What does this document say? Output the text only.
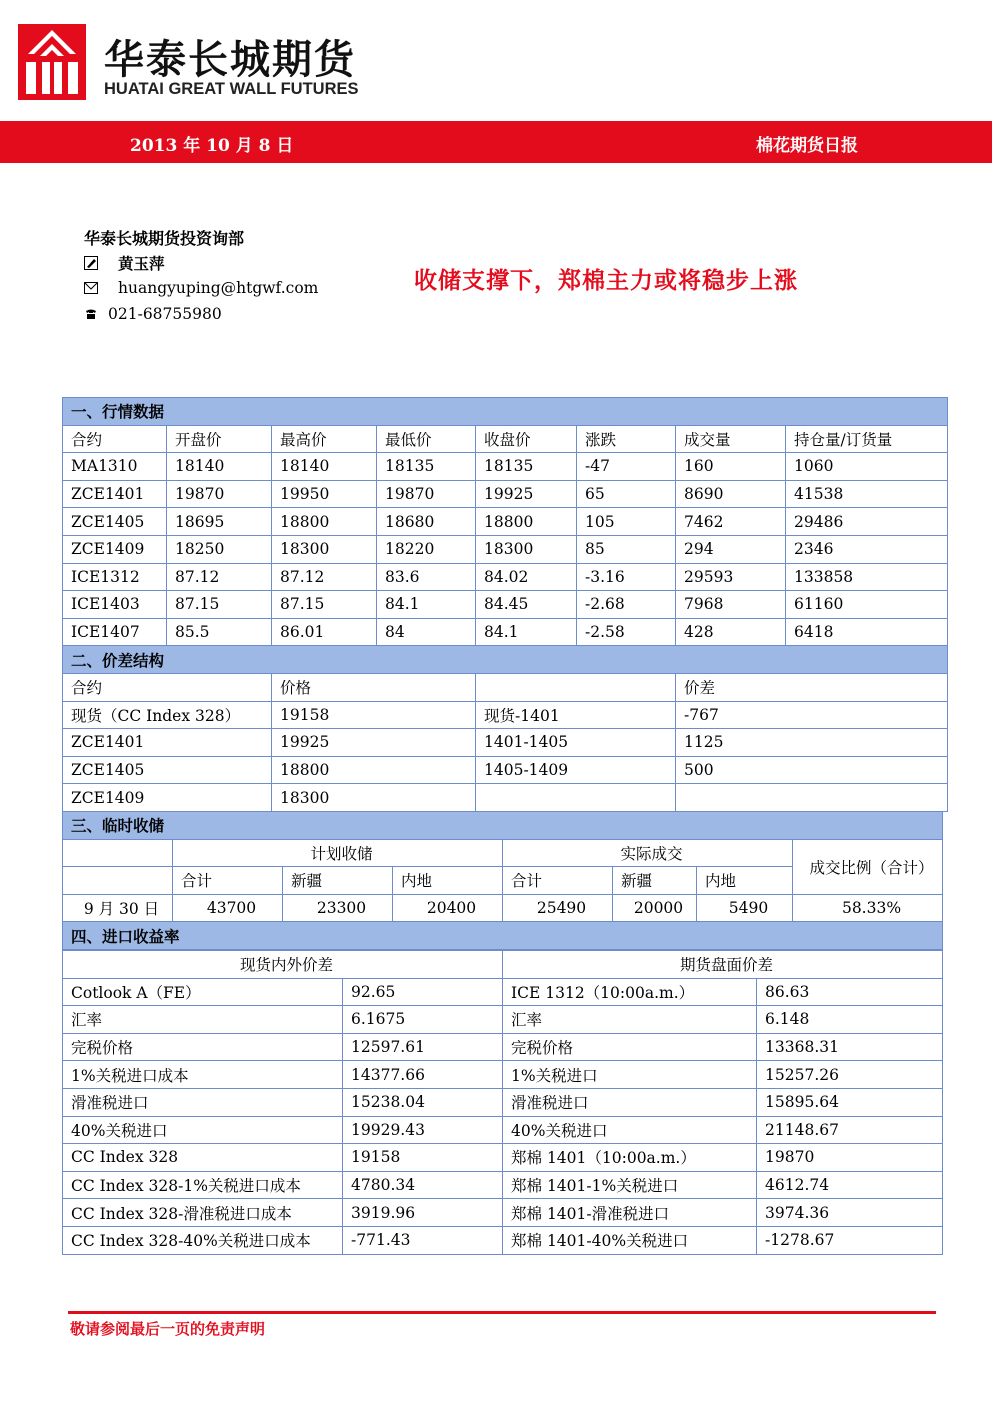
华泰长城期货
HUATAI GREAT WALL FUTURES
2013 年 10 月 8 日	棉花期货日报
华泰长城期货投资询部
黄玉萍
huangyuping@htgwf.com
021-68755980
收储支撑下，郑棉主力或将稳步上涨
一、行情数据							
合约	开盘价	最高价	最低价	收盘价	涨跌	成交量	持仓量/订货量
MA1310	18140	18140	18135	18135	-47	160	1060
ZCE1401	19870	19950	19870	19925	65	8690	41538
ZCE1405	18695	18800	18680	18800	105	7462	29486
ZCE1409	18250	18300	18220	18300	85	294	2346
ICE1312	87.12	87.12	83.6	84.02	-3.16	29593	133858
ICE1403	87.15	87.15	84.1	84.45	-2.68	7968	61160
ICE1407	85.5	86.01	84	84.1	-2.58	428	6418
二、价差结构							
合约		价格				价差	
现货（CC Index 328）		19158		现货-1401		-767	
ZCE1401		19925		1401-1405		1125	
ZCE1405		18800		1405-1409		500	
ZCE1409		18300					
三、临时收储							
	计划收储			实际成交			成交比例（合计）
	合计	新疆	内地	合计	新疆	内地	
9 月 30 日	43700	23300	20400	25490	20000	5490	58.33%
四、进口收益率							
现货内外价差		期货盘面价差	
Cotlook A（FE）	92.65	ICE 1312（10:00a.m.）	86.63
汇率	6.1675	汇率	6.148
完税价格	12597.61	完税价格	13368.31
1%关税进口成本	14377.66	1%关税进口	15257.26
滑准税进口	15238.04	滑准税进口	15895.64
40%关税进口	19929.43	40%关税进口	21148.67
CC Index 328	19158	郑棉 1401（10:00a.m.）	19870
CC Index 328-1%关税进口成本	4780.34	郑棉 1401-1%关税进口	4612.74
CC Index 328-滑准税进口成本	3919.96	郑棉 1401-滑准税进口	3974.36
CC Index 328-40%关税进口成本	-771.43	郑棉 1401-40%关税进口	-1278.67
敬请参阅最后一页的免责声明
